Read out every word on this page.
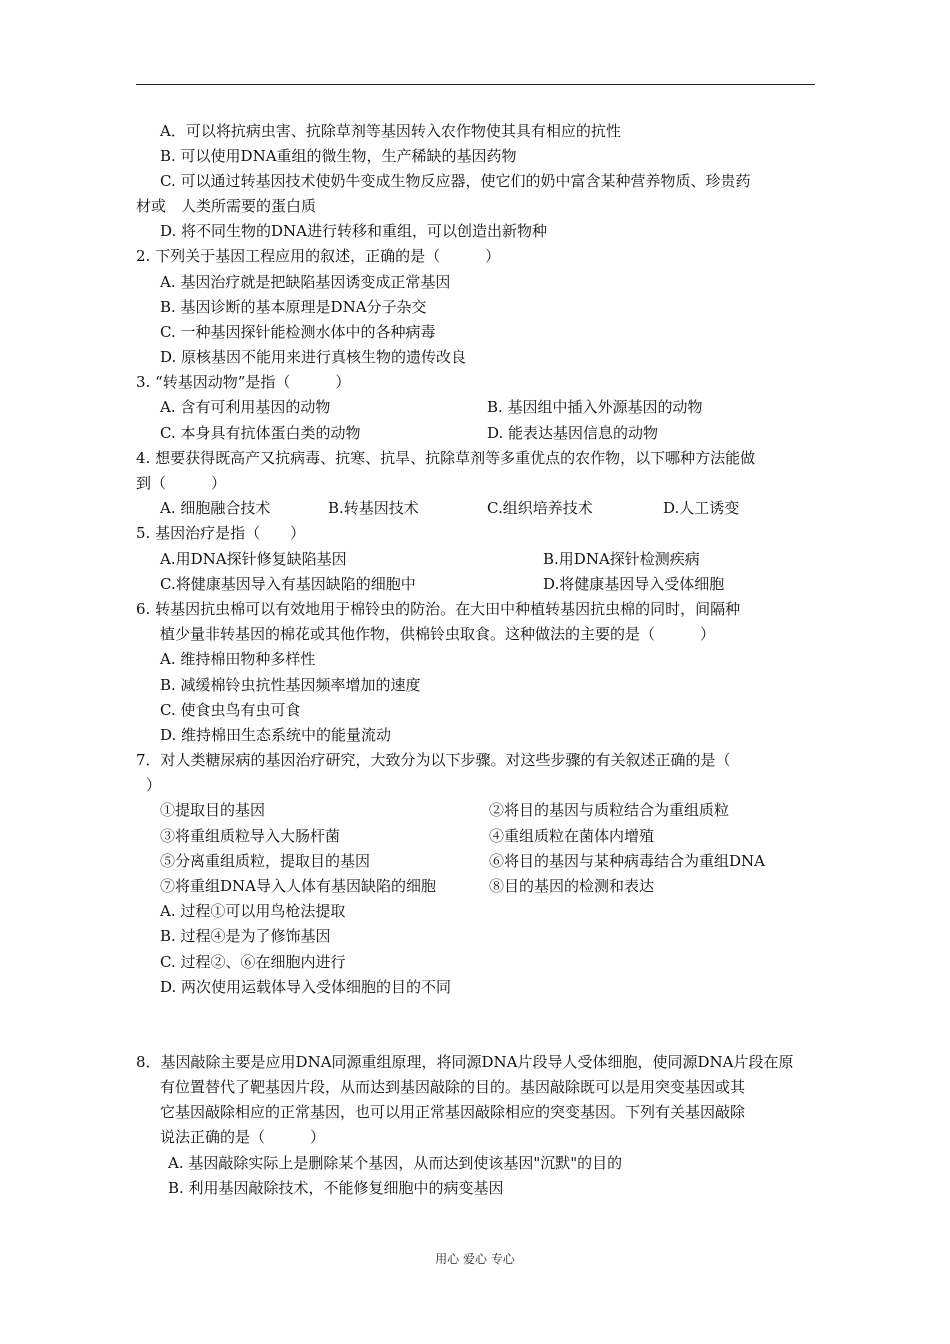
A．可以将抗病虫害、抗除草剂等基因转入农作物使其具有相应的抗性
B. 可以使用DNA重组的微生物，生产稀缺的基因药物
C. 可以通过转基因技术使奶牛变成生物反应器，使它们的奶中富含某种营养物质、珍贵药
材或　人类所需要的蛋白质
D. 将不同生物的DNA进行转移和重组，可以创造出新物种
2. 下列关于基因工程应用的叙述，正确的是（　　　）
A. 基因治疗就是把缺陷基因诱变成正常基因
B. 基因诊断的基本原理是DNA分子杂交
C. 一种基因探针能检测水体中的各种病毒
D. 原核基因不能用来进行真核生物的遗传改良
3. “转基因动物”是指（　　　）
A. 含有可利用基因的动物	B. 基因组中插入外源基因的动物
C. 本身具有抗体蛋白类的动物	D. 能表达基因信息的动物
4. 想要获得既高产又抗病毒、抗寒、抗旱、抗除草剂等多重优点的农作物，以下哪种方法能做
到（　　　）
A. 细胞融合技术	B.转基因技术	C.组织培养技术	D.人工诱变
5. 基因治疗是指（　　）
A.用DNA探针修复缺陷基因	B.用DNA探针检测疾病
C.将健康基因导入有基因缺陷的细胞中	D.将健康基因导入受体细胞
6. 转基因抗虫棉可以有效地用于棉铃虫的防治。在大田中种植转基因抗虫棉的同时，间隔种
植少量非转基因的棉花或其他作物，供棉铃虫取食。这种做法的主要的是（　　　）
A. 维持棉田物种多样性
B. 减缓棉铃虫抗性基因频率增加的速度
C. 使食虫鸟有虫可食
D. 维持棉田生态系统中的能量流动
7．对人类糖尿病的基因治疗研究，大致分为以下步骤。对这些步骤的有关叙述正确的是（
）
①提取目的基因	②将目的基因与质粒结合为重组质粒
③将重组质粒导入大肠杆菌	④重组质粒在菌体内增殖
⑤分离重组质粒，提取目的基因	⑥将目的基因与某种病毒结合为重组DNA
⑦将重组DNA导入人体有基因缺陷的细胞	⑧目的基因的检测和表达
A. 过程①可以用鸟枪法提取
B. 过程④是为了修饰基因
C. 过程②、⑥在细胞内进行
D. 两次使用运载体导入受体细胞的目的不同
8．基因敲除主要是应用DNA同源重组原理，将同源DNA片段导人受体细胞，使同源DNA片段在原
有位置替代了靶基因片段，从而达到基因敲除的目的。基因敲除既可以是用突变基因或其
它基因敲除相应的正常基因，也可以用正常基因敲除相应的突变基因。下列有关基因敲除
说法正确的是（　　　）
A. 基因敲除实际上是删除某个基因，从而达到使该基因"沉默"的目的
B. 利用基因敲除技术，不能修复细胞中的病变基因
用心 爱心 专心
